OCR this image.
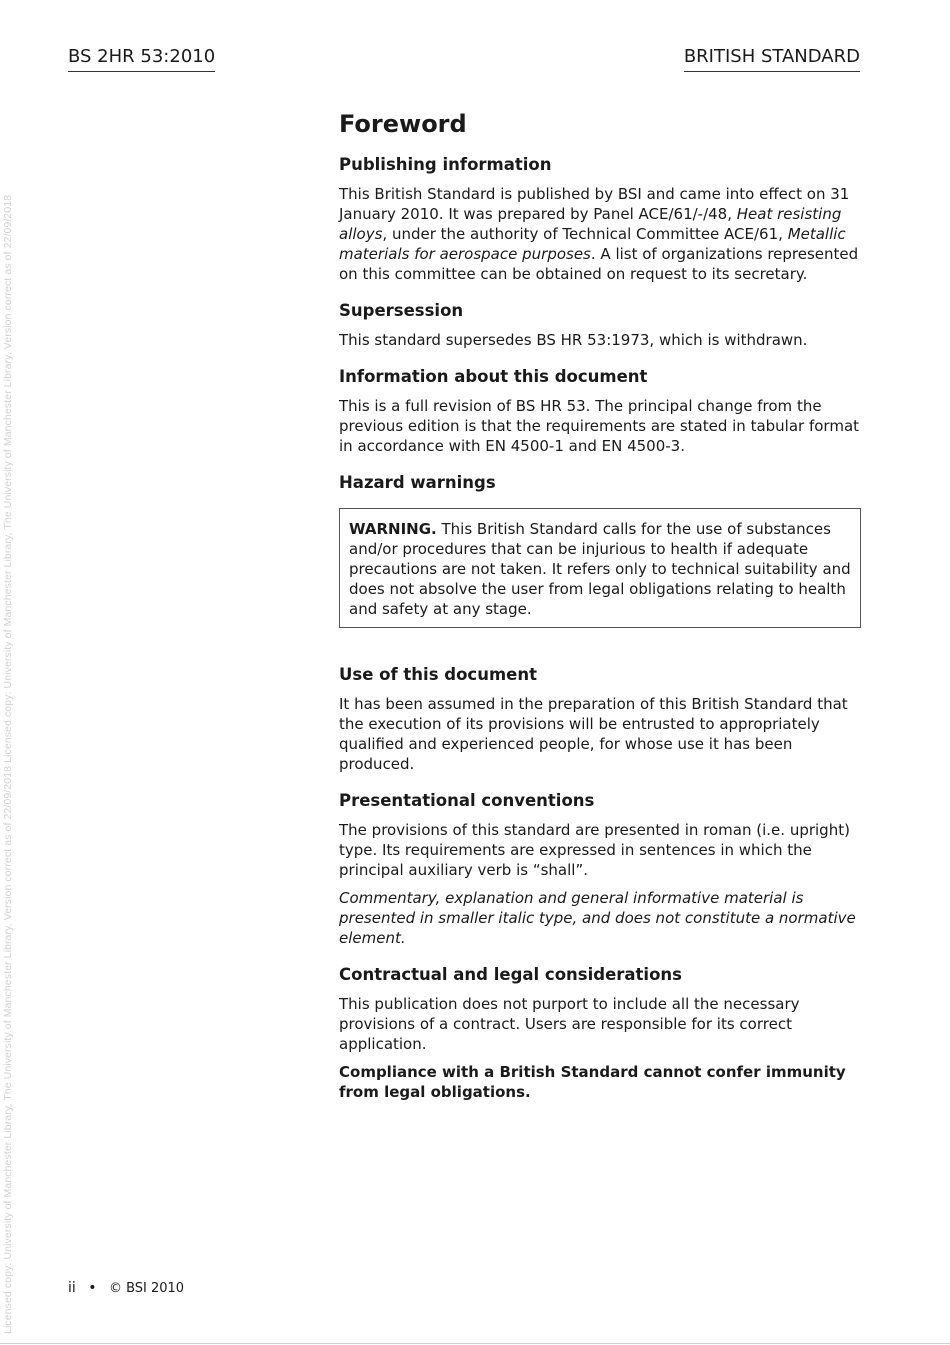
Licensed copy: University of Manchester Library, The University of Manchester Library, Version correct as of 22/09/2018 Licensed copy: University of Manchester Library, The University of Manchester Library, Version correct as of 22/09/2018
BS 2HR 53:2010	BRITISH STANDARD
Foreword
Publishing information

This British Standard is published by BSI and came into effect on 31 January 2010. It was prepared by Panel ACE/61/-/48, Heat resisting alloys, under the authority of Technical Committee ACE/61, Metallic materials for aerospace purposes. A list of organizations represented on this committee can be obtained on request to its secretary.

Supersession

This standard supersedes BS HR 53:1973, which is withdrawn.

Information about this document

This is a full revision of BS HR 53. The principal change from the previous edition is that the requirements are stated in tabular format in accordance with EN 4500-1 and EN 4500-3.

Hazard warnings
WARNING. This British Standard calls for the use of substances and/or procedures that can be injurious to health if adequate precautions are not taken. It refers only to technical suitability and does not absolve the user from legal obligations relating to health and safety at any stage.
Use of this document

It has been assumed in the preparation of this British Standard that the execution of its provisions will be entrusted to appropriately qualified and experienced people, for whose use it has been produced.

Presentational conventions

The provisions of this standard are presented in roman (i.e. upright) type. Its requirements are expressed in sentences in which the principal auxiliary verb is “shall”.

Commentary, explanation and general informative material is presented in smaller italic type, and does not constitute a normative element.

Contractual and legal considerations

This publication does not purport to include all the necessary provisions of a contract. Users are responsible for its correct application.

Compliance with a British Standard cannot confer immunity from legal obligations.

ii • © BSI 2010
